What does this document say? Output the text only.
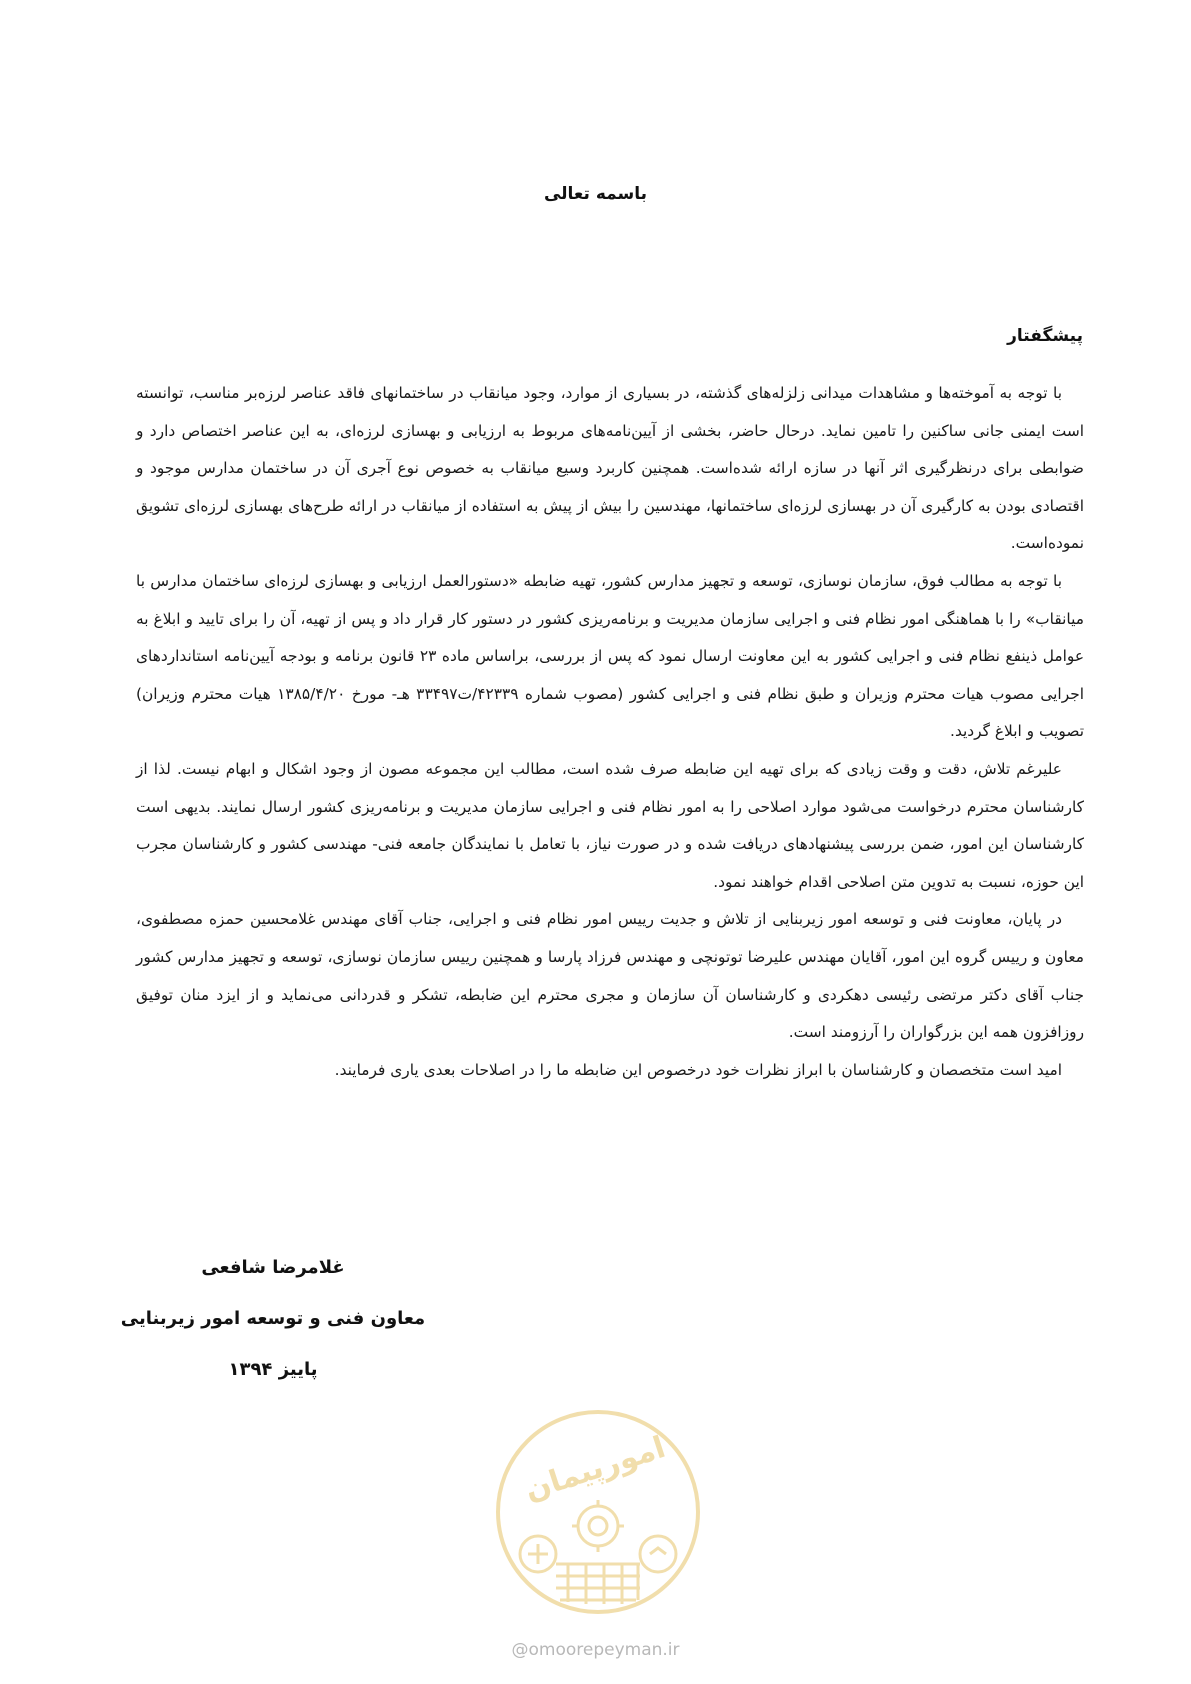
باسمه تعالی
پیشگفتار

با توجه به آموخته‌ها و مشاهدات میدانی زلزله‌های گذشته، در بسیاری از موارد، وجود میانقاب در ساختمانهای فاقد عناصر لرزه‌بر مناسب، توانسته است ایمنی جانی ساکنین را تامین نماید. درحال حاضر، بخشی از آیین‌نامه‌های مربوط به ارزیابی و بهسازی لرزه‌ای، به این عناصر اختصاص دارد و ضوابطی برای درنظرگیری اثر آنها در سازه ارائه شده‌است. همچنین کاربرد وسیع میانقاب به خصوص نوع آجری آن در ساختمان مدارس موجود و اقتصادی بودن به کارگیری آن در بهسازی لرزه‌ای ساختمانها، مهندسین را بیش از پیش به استفاده از میانقاب در ارائه طرح‌های بهسازی لرزه‌ای تشویق نموده‌است.

با توجه به مطالب فوق، سازمان نوسازی، توسعه و تجهیز مدارس کشور، تهیه ضابطه «دستورالعمل ارزیابی و بهسازی لرزه‌ای ساختمان مدارس با میانقاب» را با هماهنگی امور نظام فنی و اجرایی سازمان مدیریت و برنامه‌ریزی کشور در دستور کار قرار داد و پس از تهیه، آن را برای تایید و ابلاغ به عوامل ذینفع نظام فنی و اجرایی کشور به این معاونت ارسال نمود که پس از بررسی، براساس ماده ۲۳ قانون برنامه و بودجه آیین‌نامه استانداردهای اجرایی مصوب هیات محترم وزیران و طبق نظام فنی و اجرایی کشور (مصوب شماره ۴۲۳۳۹/ت۳۳۴۹۷ هـ- مورخ ۱۳۸۵/۴/۲۰ هیات محترم وزیران) تصویب و ابلاغ گردید.

علیرغم تلاش، دقت و وقت زیادی که برای تهیه این ضابطه صرف شده است، مطالب این مجموعه مصون از وجود اشکال و ابهام نیست. لذا از کارشناسان محترم درخواست می‌شود موارد اصلاحی را به امور نظام فنی و اجرایی سازمان مدیریت و برنامه‌ریزی کشور ارسال نمایند. بدیهی است کارشناسان این امور، ضمن بررسی پیشنهادهای دریافت شده و در صورت نیاز، با تعامل با نمایندگان جامعه فنی- مهندسی کشور و کارشناسان مجرب این حوزه، نسبت به تدوین متن اصلاحی اقدام خواهند نمود.

در پایان، معاونت فنی و توسعه امور زیربنایی از تلاش و جدیت رییس امور نظام فنی و اجرایی، جناب آقای مهندس غلامحسین حمزه مصطفوی، معاون و رییس گروه این امور، آقایان مهندس علیرضا توتونچی و مهندس فرزاد پارسا و همچنین رییس سازمان نوسازی، توسعه و تجهیز مدارس کشور جناب آقای دکتر مرتضی رئیسی دهکردی و کارشناسان آن سازمان و مجری محترم این ضابطه، تشکر و قدردانی می‌نماید و از ایزد منان توفیق روزافزون همه این بزرگواران را آرزومند است.

امید است متخصصان و کارشناسان با ابراز نظرات خود درخصوص این ضابطه ما را در اصلاحات بعدی یاری فرمایند.

غلامرضا شافعی
معاون فنی و توسعه امور زیربنایی
پاییز ۱۳۹۴
امورپیمان
@omoorepeyman.ir
